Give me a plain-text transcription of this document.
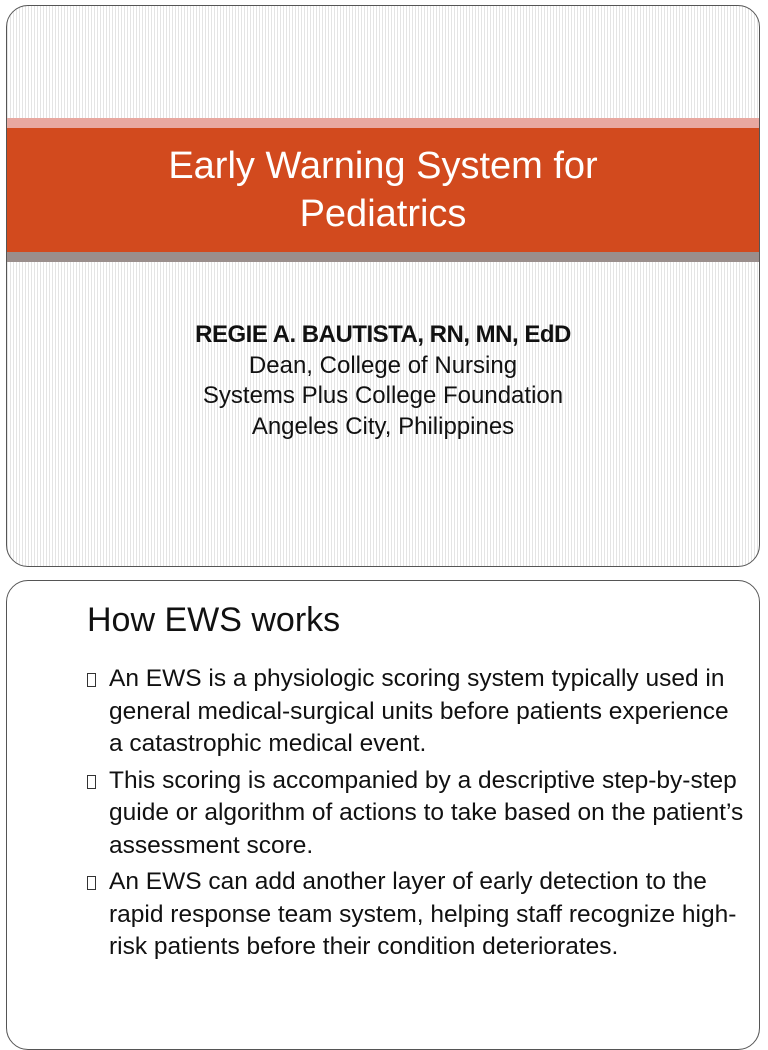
Early Warning System for
Pediatrics
REGIE A. BAUTISTA, RN, MN, EdD
Dean, College of Nursing
Systems Plus College Foundation
Angeles City, Philippines
How EWS works
An EWS is a physiologic scoring system typically used in general medical-surgical units before patients experience a catastrophic medical event.
This scoring is accompanied by a descriptive step-by-step guide or algorithm of actions to take based on the patient’s assessment score.
An EWS can add another layer of early detection to the rapid response team system, helping staff recognize high-risk patients before their condition deteriorates.
